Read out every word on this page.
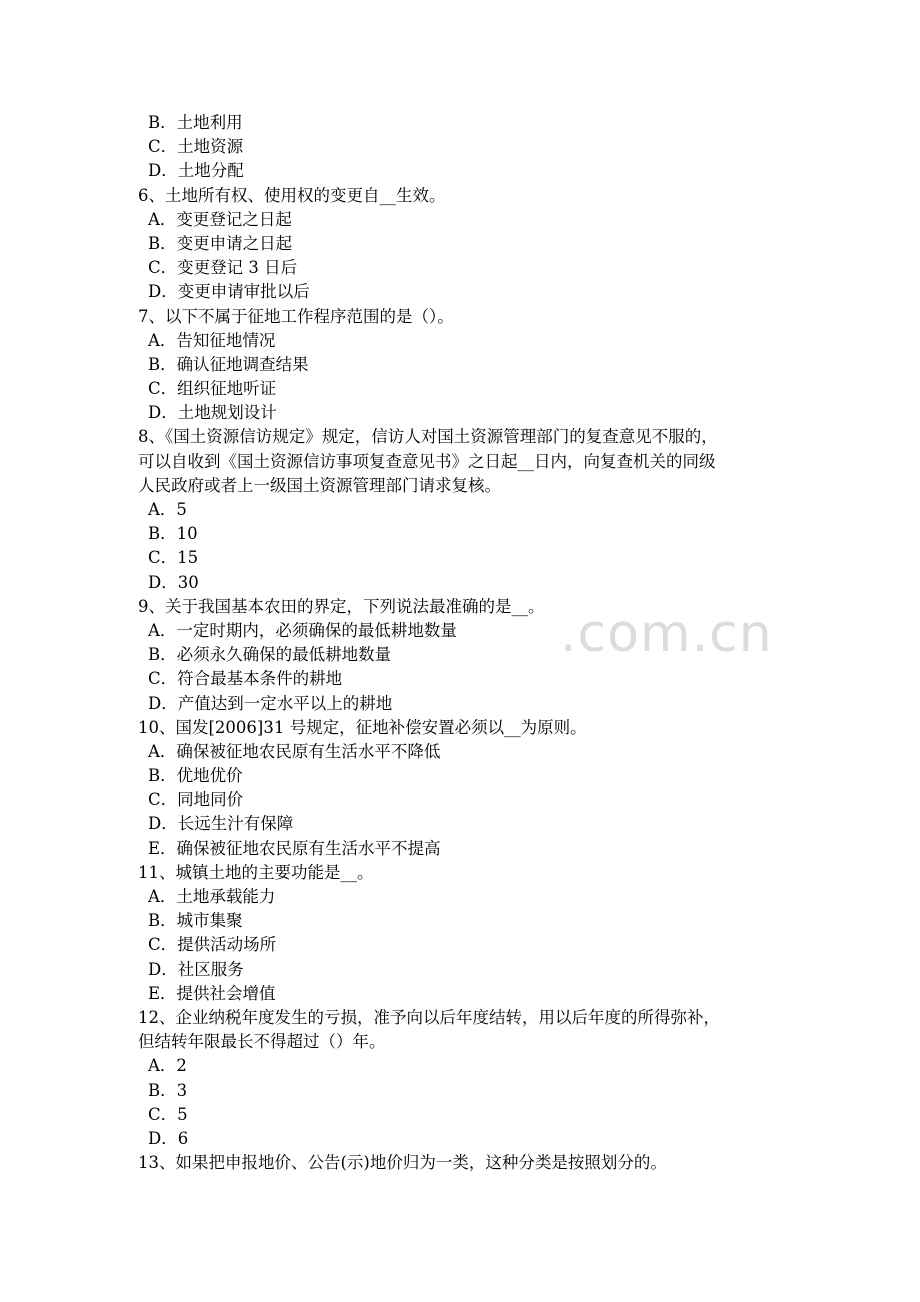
.com.cn
B．土地利用
C．土地资源
D．土地分配
6、土地所有权、使用权的变更自__生效。
A．变更登记之日起
B．变更申请之日起
C．变更登记 3 日后
D．变更申请审批以后
7、以下不属于征地工作程序范围的是（）。
A．告知征地情况
B．确认征地调查结果
C．组织征地听证
D．土地规划设计
8、《国土资源信访规定》规定，信访人对国土资源管理部门的复查意见不服的，
可以自收到《国土资源信访事项复查意见书》之日起__日内，向复查机关的同级
人民政府或者上一级国土资源管理部门请求复核。
A．5
B．10
C．15
D．30
9、关于我国基本农田的界定，下列说法最准确的是__。
A．一定时期内，必须确保的最低耕地数量
B．必须永久确保的最低耕地数量
C．符合最基本条件的耕地
D．产值达到一定水平以上的耕地
10、国发[2006]31 号规定，征地补偿安置必须以__为原则。
A．确保被征地农民原有生活水平不降低
B．优地优价
C．同地同价
D．长远生汁有保障
E．确保被征地农民原有生活水平不提高
11、城镇土地的主要功能是__。
A．土地承载能力
B．城市集聚
C．提供活动场所
D．社区服务
E．提供社会增值
12、企业纳税年度发生的亏损，准予向以后年度结转，用以后年度的所得弥补，
但结转年限最长不得超过（）年。
A．2
B．3
C．5
D．6
13、如果把申报地价、公告(示)地价归为一类，这种分类是按照划分的。
